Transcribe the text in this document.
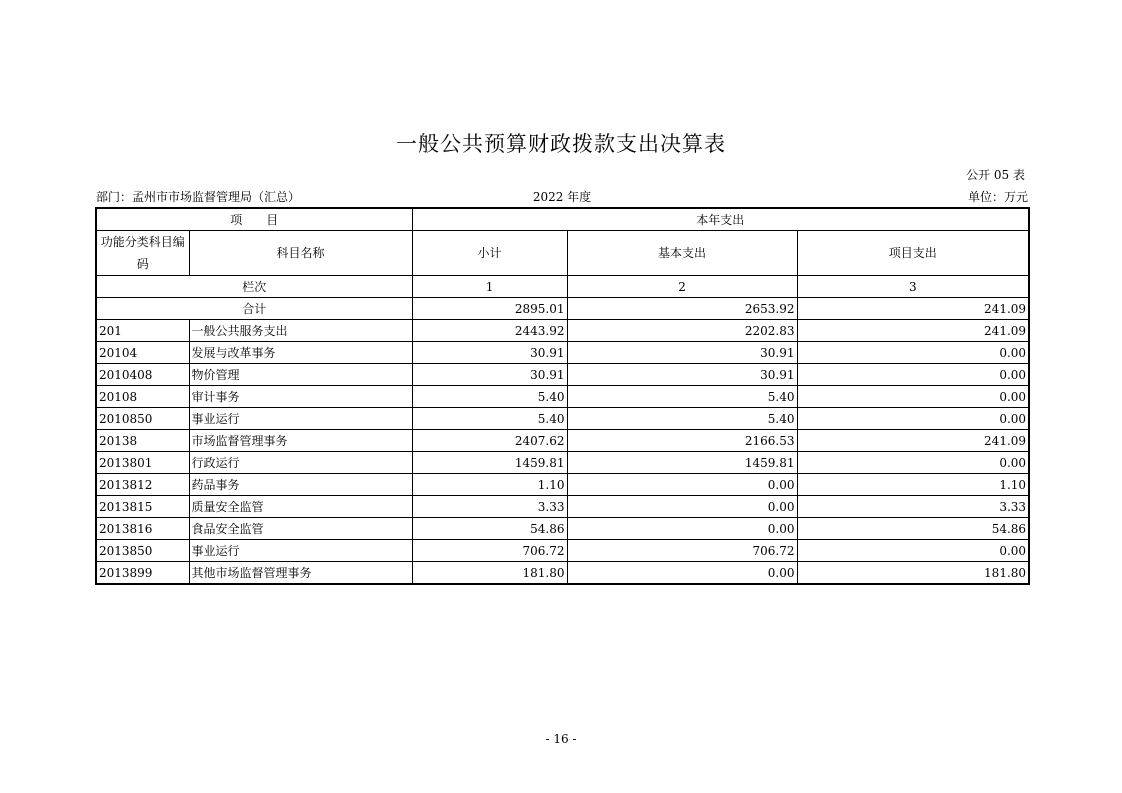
一般公共预算财政拨款支出决算表
公开 05 表
部门：孟州市市场监督管理局（汇总）	2022 年度	单位：万元
项　　目		本年支出		
功能分类科目编码	科目名称	小计	基本支出	项目支出
栏次		1	2	3
合计		2895.01	2653.92	241.09
201	一般公共服务支出	2443.92	2202.83	241.09
20104	发展与改革事务	30.91	30.91	0.00
2010408	物价管理	30.91	30.91	0.00
20108	审计事务	5.40	5.40	0.00
2010850	事业运行	5.40	5.40	0.00
20138	市场监督管理事务	2407.62	2166.53	241.09
2013801	行政运行	1459.81	1459.81	0.00
2013812	药品事务	1.10	0.00	1.10
2013815	质量安全监管	3.33	0.00	3.33
2013816	食品安全监管	54.86	0.00	54.86
2013850	事业运行	706.72	706.72	0.00
2013899	其他市场监督管理事务	181.80	0.00	181.80
- 16 -
